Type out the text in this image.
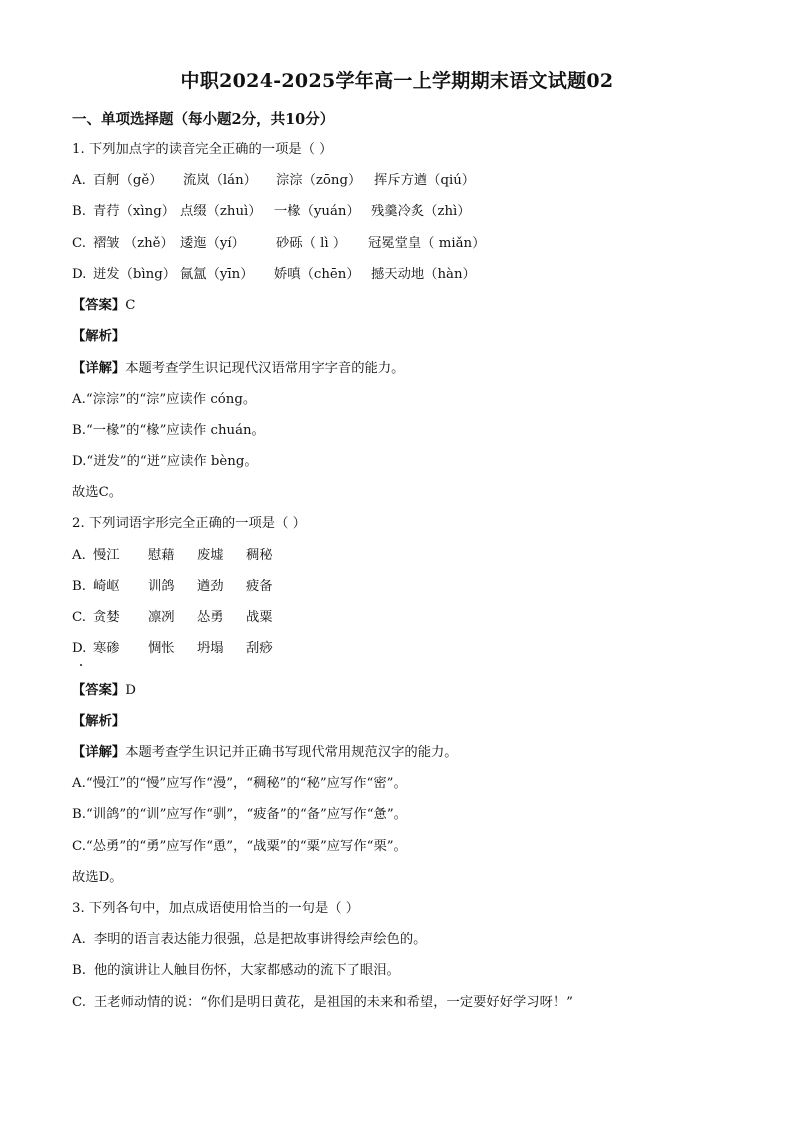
中职2024-2025学年高一上学期期末语文试题02
一、单项选择题（每小题2分，共10分）
1. 下列加点字的读音完全正确的一项是（ ）
A. 百舸（gě） 流岚（lán） 淙淙（zōng） 挥斥方遒（qiú）
B. 青荇（xìng） 点缀（zhuì） 一椽（yuán） 残羹冷炙（zhì）
C. 褶皱 （zhě） 逶迤（yí） 砂砾（ lì ） 冠冕堂皇（ miǎn）
D. 迸发（bìng） 氤氲（yīn） 娇嗔（chēn） 撼天动地（hàn）
【答案】C
【解析】
【详解】本题考查学生识记现代汉语常用字字音的能力。
A.“淙淙”的“淙”应读作 cóng。
B.“一椽”的“椽”应读作 chuán。
D.“迸发”的“迸”应读作 bèng。
故选C。
2. 下列词语字形完全正确的一项是（ ）
A. 慢江 慰藉 废墟 稠秘
B. 崎岖 训鸽 遒劲 疲备
C. 贪婪 凛冽 怂勇 战粟
D. 寒碜 惆怅 坍塌 刮痧
【答案】D
【解析】
【详解】本题考查学生识记并正确书写现代常用规范汉字的能力。
A.“慢江”的“慢”应写作“漫”，“稠秘”的“秘”应写作“密”。
B.“训鸽”的“训”应写作“驯”，“疲备”的“备”应写作“惫”。
C.“怂勇”的“勇”应写作“恿”，“战粟”的“粟”应写作“栗”。
故选D。
3. 下列各句中，加点成语使用恰当的一句是（ ）
A. 李明的语言表达能力很强，总是把故事讲得绘声绘色的。
B. 他的演讲让人触目伤怀，大家都感动的流下了眼泪。
C. 王老师动情的说：“你们是明日黄花，是祖国的未来和希望，一定要好好学习呀！”
